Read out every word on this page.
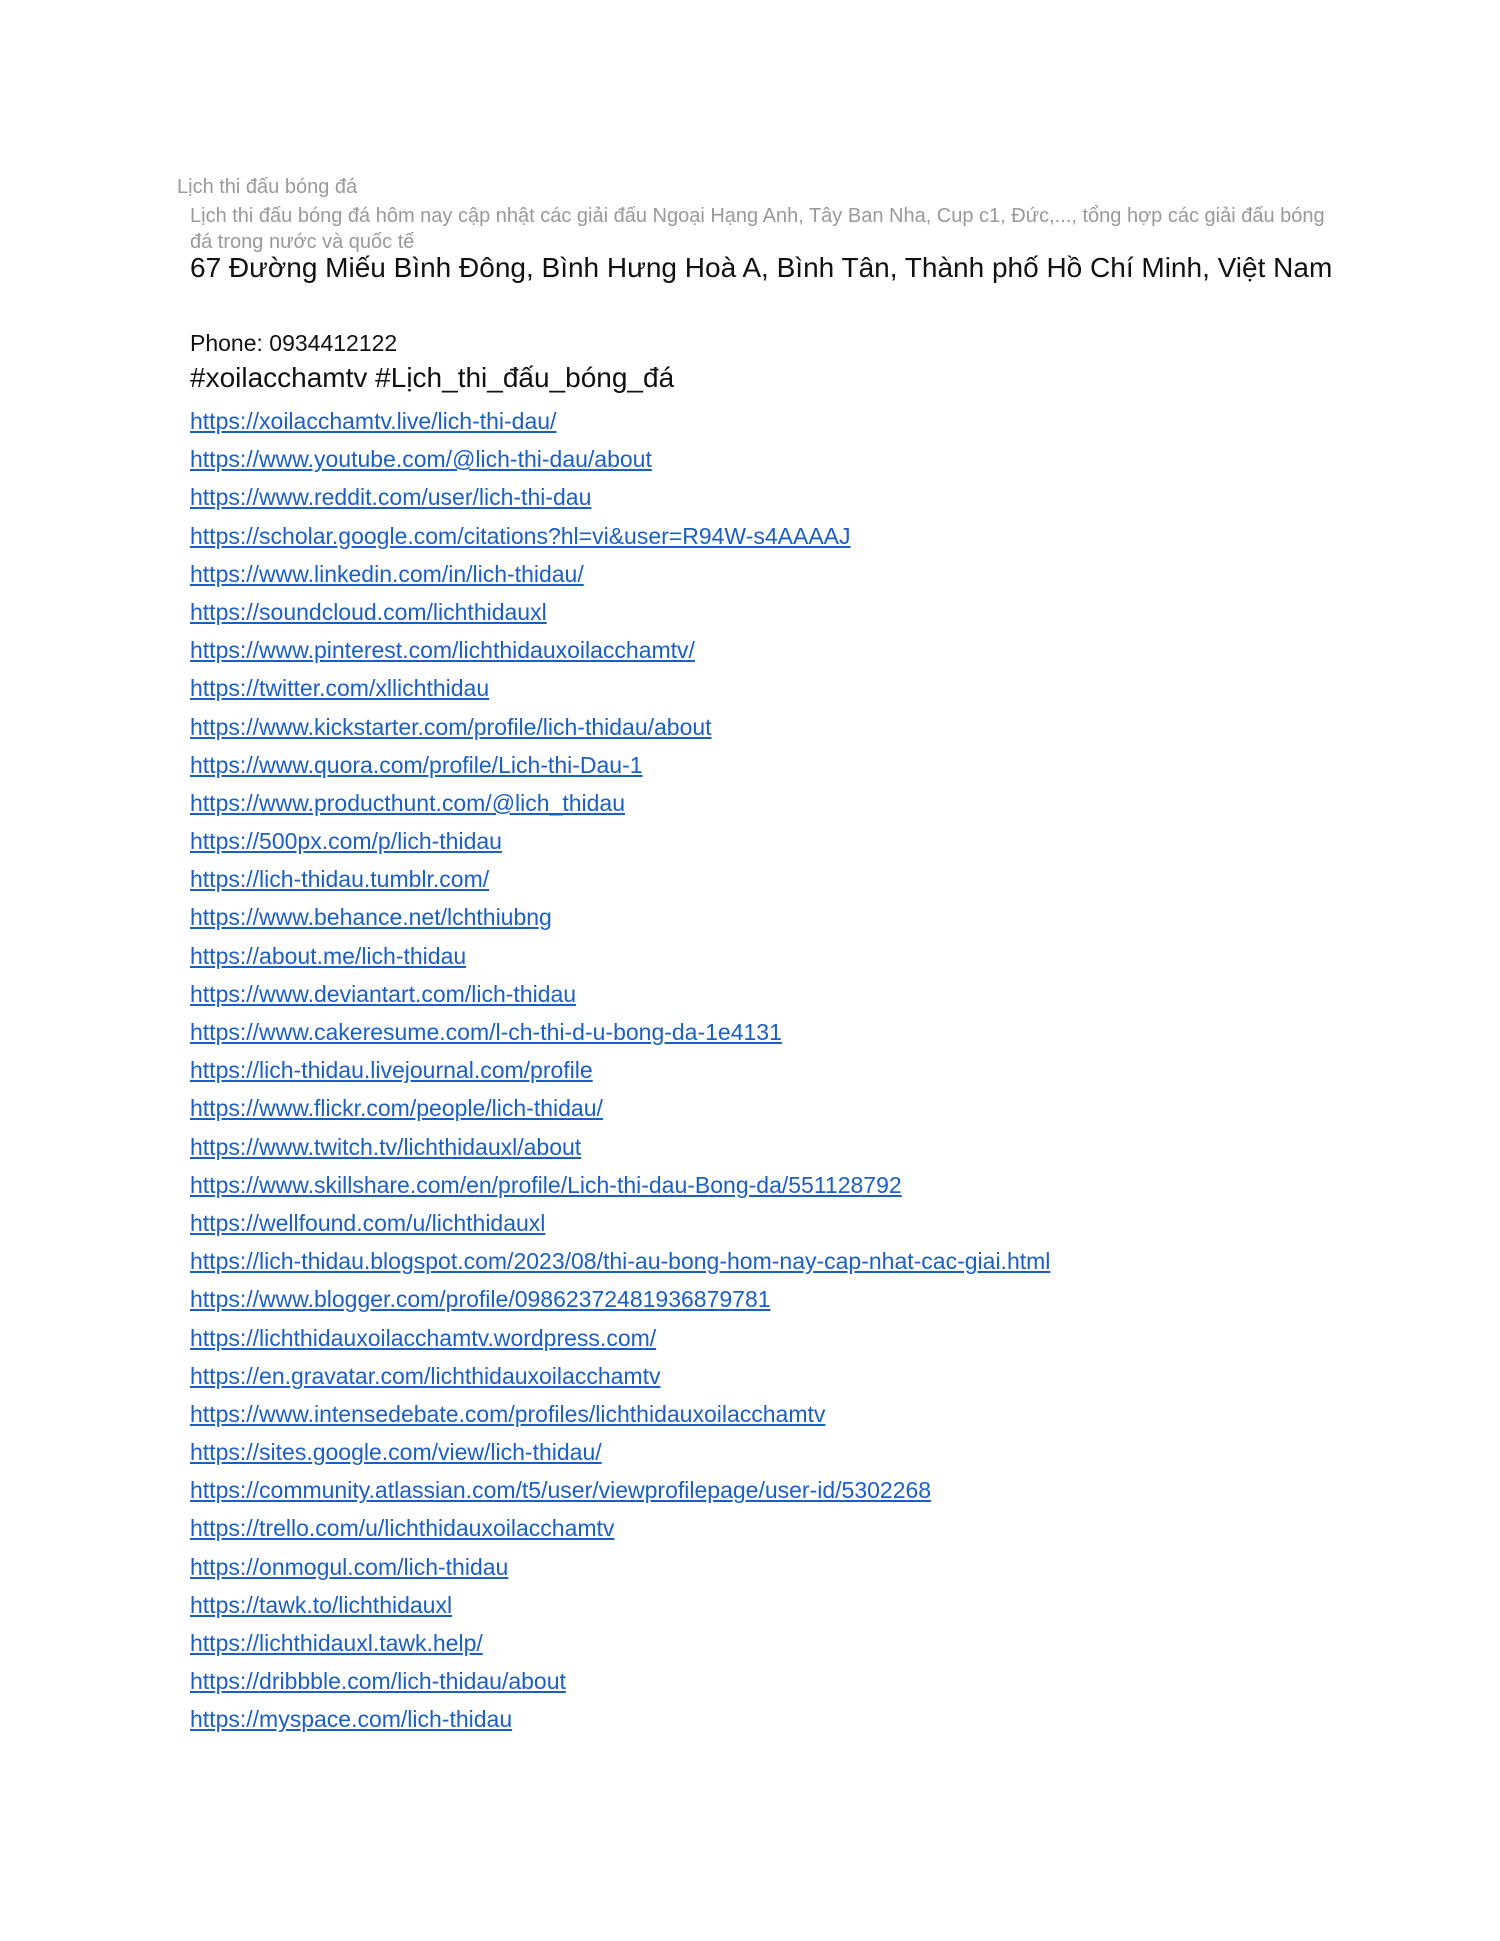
Lịch thi đấu bóng đá
Lịch thi đấu bóng đá hôm nay cập nhật các giải đấu Ngoại Hạng Anh, Tây Ban Nha, Cup c1, Đức,..., tổng hợp các giải đấu bóng đá trong nước và quốc tế
67 Đường Miếu Bình Đông, Bình Hưng Hoà A, Bình Tân, Thành phố Hồ Chí Minh, Việt Nam
Phone: 0934412122
#xoilacchamtv #Lịch_thi_đấu_bóng_đá
https://xoilacchamtv.live/lich-thi-dau/
https://www.youtube.com/@lich-thi-dau/about
https://www.reddit.com/user/lich-thi-dau
https://scholar.google.com/citations?hl=vi&user=R94W-s4AAAAJ
https://www.linkedin.com/in/lich-thidau/
https://soundcloud.com/lichthidauxl
https://www.pinterest.com/lichthidauxoilacchamtv/
https://twitter.com/xllichthidau
https://www.kickstarter.com/profile/lich-thidau/about
https://www.quora.com/profile/Lich-thi-Dau-1
https://www.producthunt.com/@lich_thidau
https://500px.com/p/lich-thidau
https://lich-thidau.tumblr.com/
https://www.behance.net/lchthiubng
https://about.me/lich-thidau
https://www.deviantart.com/lich-thidau
https://www.cakeresume.com/l-ch-thi-d-u-bong-da-1e4131
https://lich-thidau.livejournal.com/profile
https://www.flickr.com/people/lich-thidau/
https://www.twitch.tv/lichthidauxl/about
https://www.skillshare.com/en/profile/Lich-thi-dau-Bong-da/551128792
https://wellfound.com/u/lichthidauxl
https://lich-thidau.blogspot.com/2023/08/thi-au-bong-hom-nay-cap-nhat-cac-giai.html
https://www.blogger.com/profile/09862372481936879781
https://lichthidauxoilacchamtv.wordpress.com/
https://en.gravatar.com/lichthidauxoilacchamtv
https://www.intensedebate.com/profiles/lichthidauxoilacchamtv
https://sites.google.com/view/lich-thidau/
https://community.atlassian.com/t5/user/viewprofilepage/user-id/5302268
https://trello.com/u/lichthidauxoilacchamtv
https://onmogul.com/lich-thidau
https://tawk.to/lichthidauxl
https://lichthidauxl.tawk.help/
https://dribbble.com/lich-thidau/about
https://myspace.com/lich-thidau
